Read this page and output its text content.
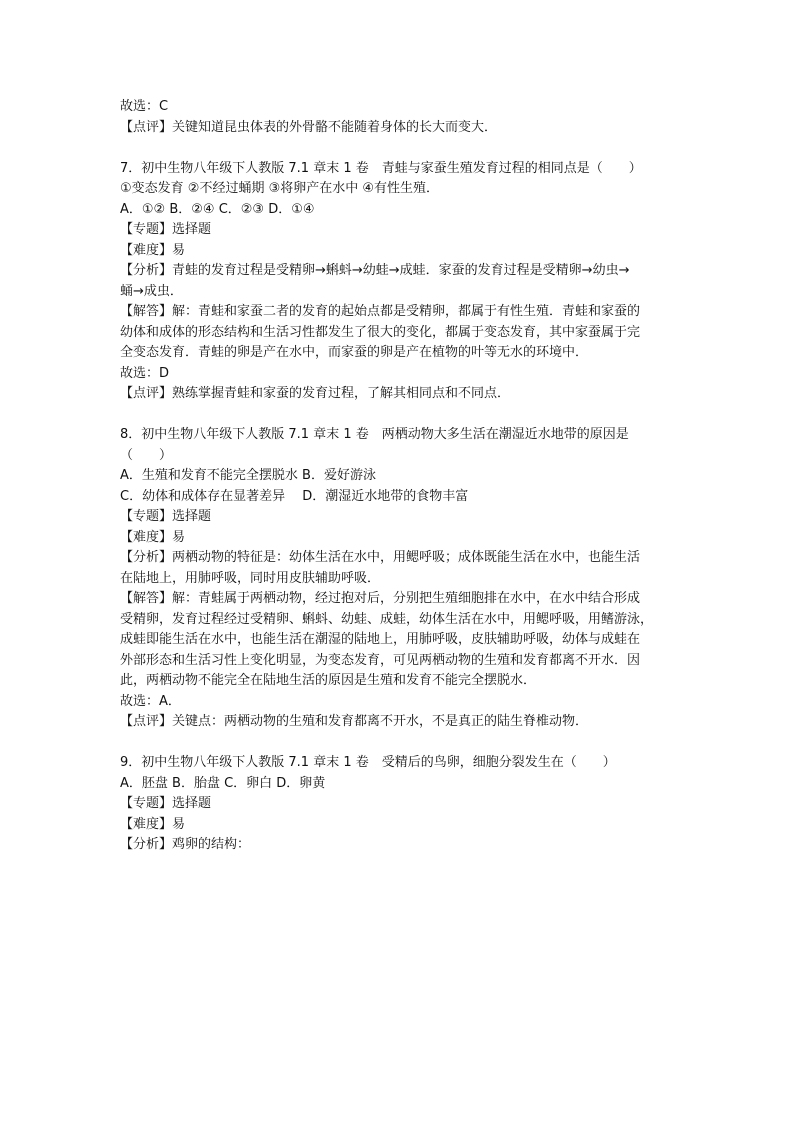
故选：C
【点评】关键知道昆虫体表的外骨骼不能随着身体的长大而变大．
7．初中生物八年级下人教版 7.1 章末 1 卷　青蛙与家蚕生殖发育过程的相同点是（　　）
①变态发育 ②不经过蛹期 ③将卵产在水中 ④有性生殖．
A．①② B．②④ C．②③ D．①④
【专题】选择题
【难度】易
【分析】青蛙的发育过程是受精卵→蝌蚪→幼蛙→成蛙．家蚕的发育过程是受精卵→幼虫→
蛹→成虫．
【解答】解：青蛙和家蚕二者的发育的起始点都是受精卵，都属于有性生殖．青蛙和家蚕的
幼体和成体的形态结构和生活习性都发生了很大的变化，都属于变态发育，其中家蚕属于完
全变态发育．青蛙的卵是产在水中，而家蚕的卵是产在植物的叶等无水的环境中．
故选：D
【点评】熟练掌握青蛙和家蚕的发育过程，了解其相同点和不同点．
8．初中生物八年级下人教版 7.1 章末 1 卷　两栖动物大多生活在潮湿近水地带的原因是
（　　）
A．生殖和发育不能完全摆脱水 B．爱好游泳
C．幼体和成体存在显著差异　 D．潮湿近水地带的食物丰富
【专题】选择题
【难度】易
【分析】两栖动物的特征是：幼体生活在水中，用鳃呼吸；成体既能生活在水中，也能生活
在陆地上，用肺呼吸，同时用皮肤辅助呼吸．
【解答】解：青蛙属于两栖动物，经过抱对后，分别把生殖细胞排在水中，在水中结合形成
受精卵，发育过程经过受精卵、蝌蚪、幼蛙、成蛙，幼体生活在水中，用鳃呼吸，用鳍游泳，
成蛙即能生活在水中，也能生活在潮湿的陆地上，用肺呼吸，皮肤辅助呼吸，幼体与成蛙在
外部形态和生活习性上变化明显，为变态发育，可见两栖动物的生殖和发育都离不开水．因
此，两栖动物不能完全在陆地生活的原因是生殖和发育不能完全摆脱水．
故选：A．
【点评】关键点：两栖动物的生殖和发育都离不开水，不是真正的陆生脊椎动物．
9．初中生物八年级下人教版 7.1 章末 1 卷　受精后的鸟卵，细胞分裂发生在（　　）
A．胚盘 B．胎盘 C．卵白 D．卵黄
【专题】选择题
【难度】易
【分析】鸡卵的结构：
